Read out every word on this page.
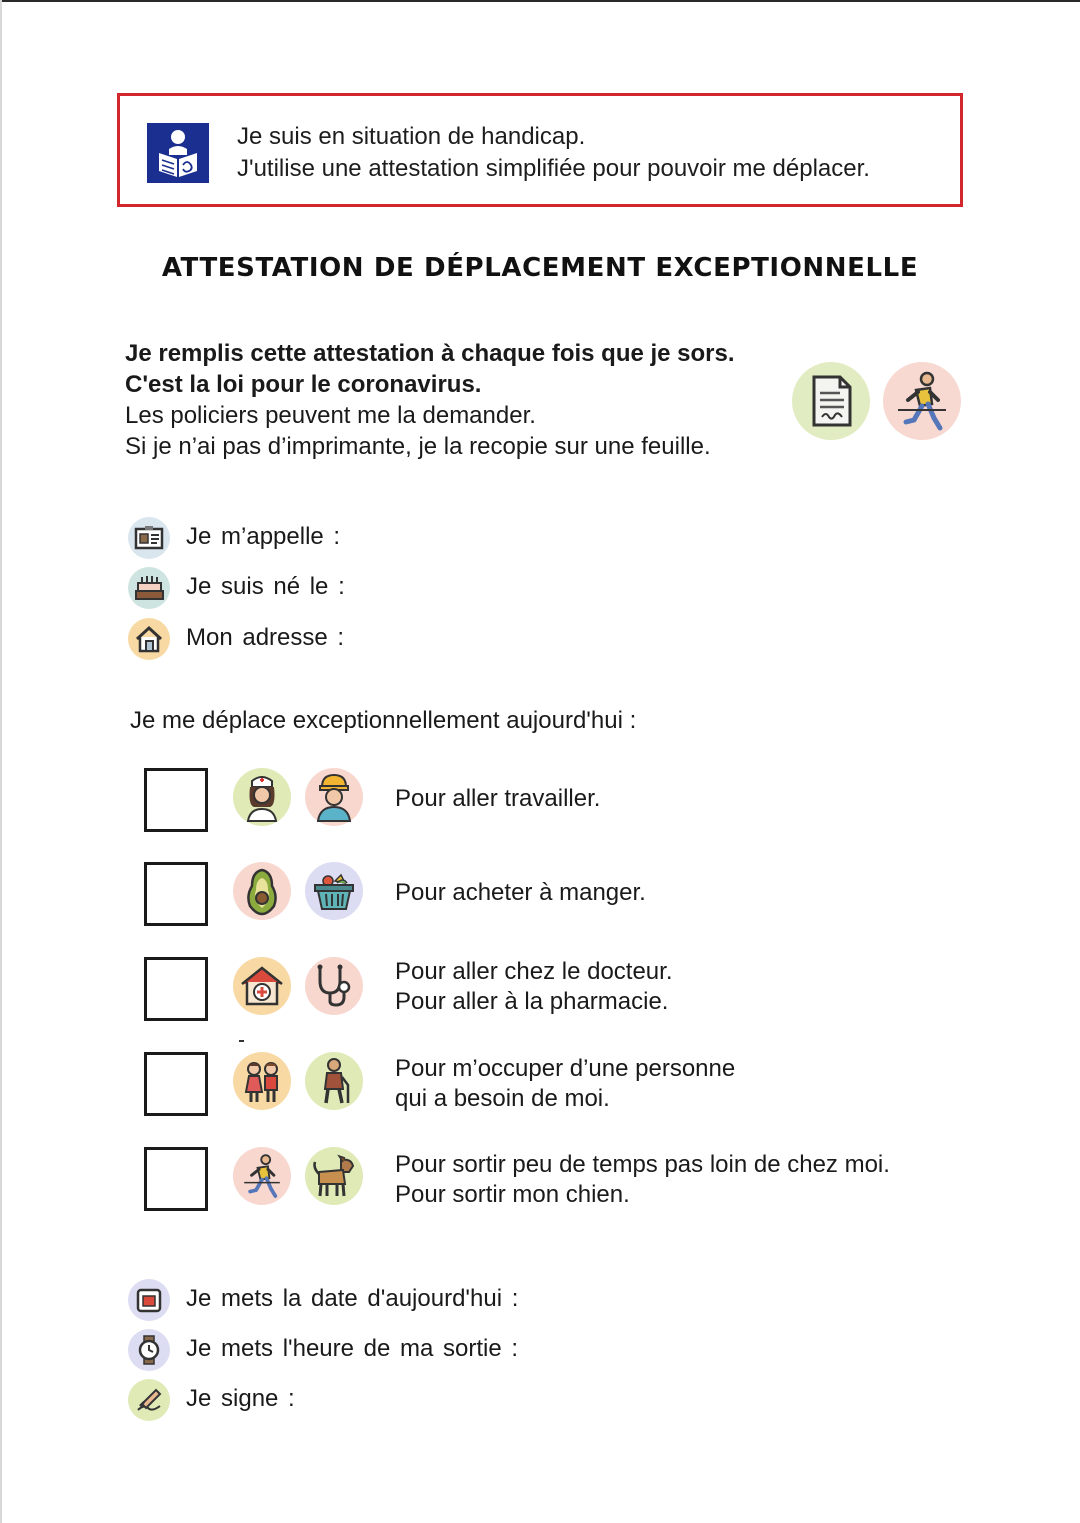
Je suis en situation de handicap.
J'utilise une attestation simplifiée pour pouvoir me déplacer.
ATTESTATION DE DÉPLACEMENT EXCEPTIONNELLE
Je remplis cette attestation à chaque fois que je sors.
C'est la loi pour le coronavirus.
Les policiers peuvent me la demander.
Si je n’ai pas d’imprimante, je la recopie sur une feuille.
Je m’appelle :
Je suis né le :
Mon adresse :
Je me déplace exceptionnellement aujourd'hui :
Pour aller travailler.
Pour acheter à manger.
Pour aller chez le docteur.
Pour aller à la pharmacie.
Pour m’occuper d’une personne
qui a besoin de moi.
Pour sortir peu de temps pas loin de chez moi.
Pour sortir mon chien.
Je mets la date d'aujourd'hui :
Je mets l'heure de ma sortie :
Je signe :
